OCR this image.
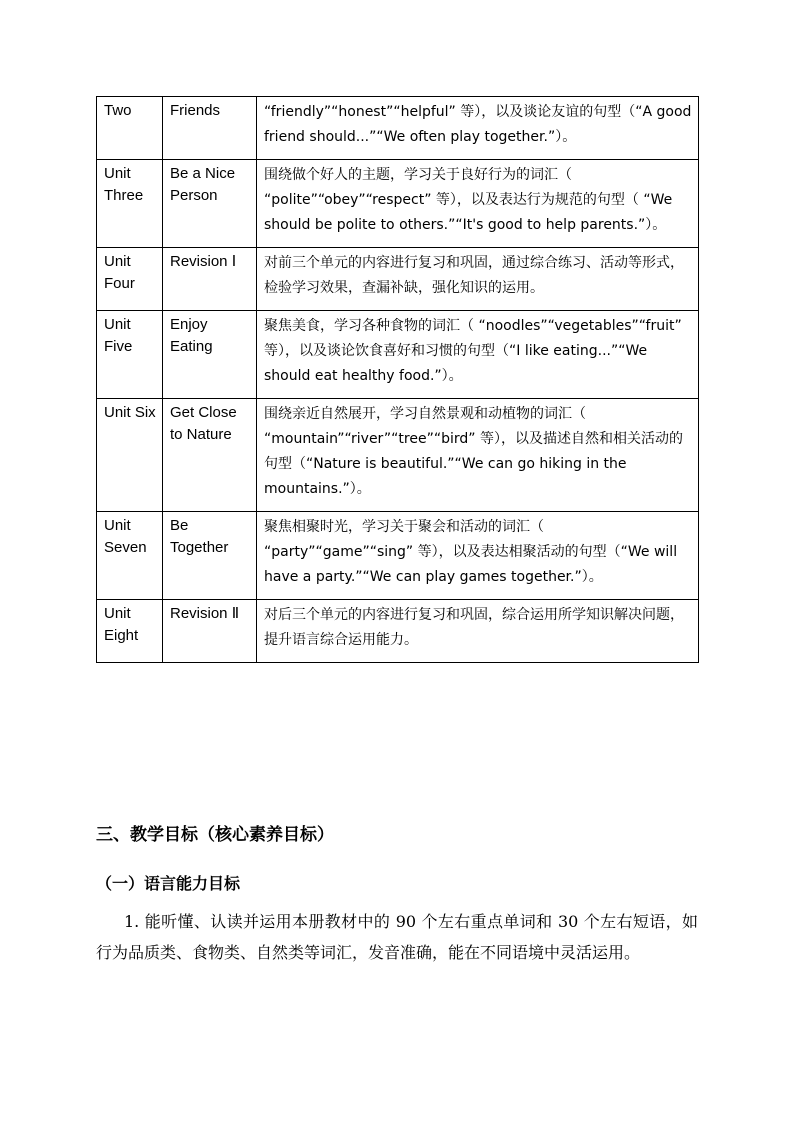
Two	Friends	“friendly”“honest”“helpful” 等），以及谈论友谊的句型（“A good friend should...”“We often play together.”）。
Unit Three	Be a Nice Person	围绕做个好人的主题，学习关于良好行为的词汇（ “polite”“obey”“respect” 等），以及表达行为规范的句型（ “We should be polite to others.”“It's good to help parents.”）。
Unit Four	Revision Ⅰ	对前三个单元的内容进行复习和巩固，通过综合练习、活动等形式，检验学习效果，查漏补缺，强化知识的运用。
Unit Five	Enjoy Eating	聚焦美食，学习各种食物的词汇（ “noodles”“vegetables”“fruit” 等），以及谈论饮食喜好和习惯的句型（“I like eating...”“We should eat healthy food.”）。
Unit Six	Get Close to Nature	围绕亲近自然展开，学习自然景观和动植物的词汇（ “mountain”“river”“tree”“bird” 等），以及描述自然和相关活动的句型（“Nature is beautiful.”“We can go hiking in the mountains.”）。
Unit Seven	Be Together	聚焦相聚时光，学习关于聚会和活动的词汇（ “party”“game”“sing” 等），以及表达相聚活动的句型（“We will have a party.”“We can play games together.”）。
Unit Eight	Revision Ⅱ	对后三个单元的内容进行复习和巩固，综合运用所学知识解决问题，提升语言综合运用能力。
三、教学目标（核心素养目标）
（一）语言能力目标

1. 能听懂、认读并运用本册教材中的 90 个左右重点单词和 30 个左右短语，如行为品质类、食物类、自然类等词汇，发音准确，能在不同语境中灵活运用。
